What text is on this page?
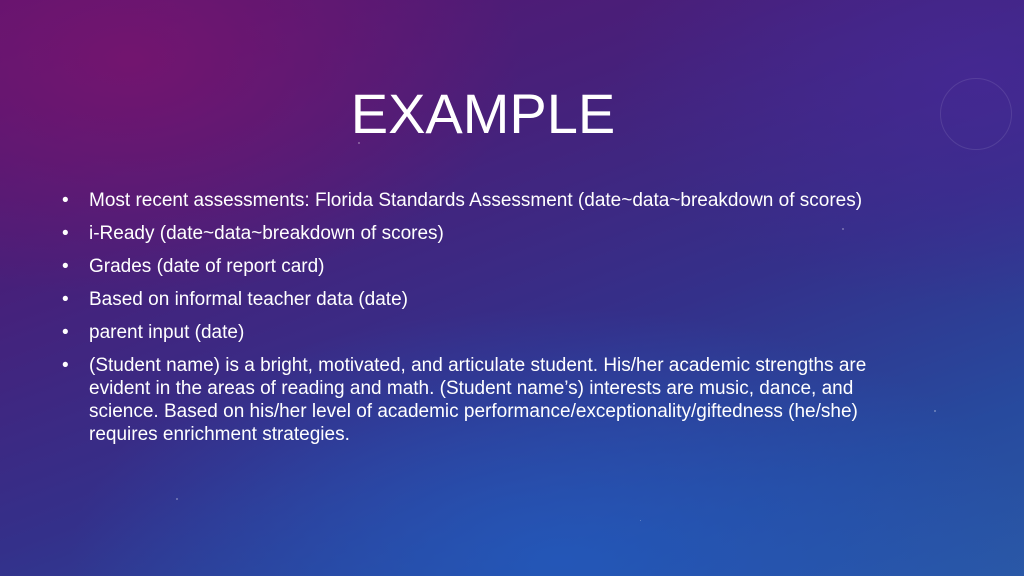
EXAMPLE
•	Most recent assessments: Florida Standards Assessment (date~data~breakdown of scores)
•	i-Ready (date~data~breakdown of scores)
•	Grades (date of report card)
•	Based on informal teacher data (date)
•	parent input (date)
•	(Student name) is a bright, motivated, and articulate student. His/her academic strengths are evident in the areas of reading and math. (Student name’s) interests are music, dance, and science. Based on his/her level of academic performance/exceptionality/giftedness (he/she) requires enrichment strategies.
